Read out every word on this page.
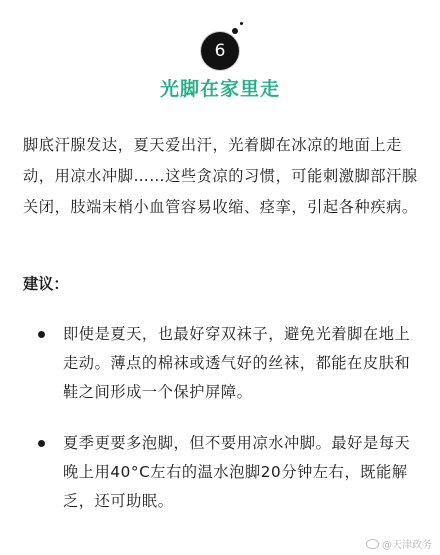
6
光脚在家里走

脚底汗腺发达，夏天爱出汗，光着脚在冰凉的地面上走动，用凉水冲脚……这些贪凉的习惯，可能刺激脚部汗腺关闭，肢端末梢小血管容易收缩、痉挛，引起各种疾病。

建议：
即使是夏天，也最好穿双袜子，避免光着脚在地上走动。薄点的棉袜或透气好的丝袜，都能在皮肤和鞋之间形成一个保护屏障。
夏季更要多泡脚，但不要用凉水冲脚。最好是每天晚上用40°C左右的温水泡脚20分钟左右，既能解乏，还可助眠。
@天津政务
